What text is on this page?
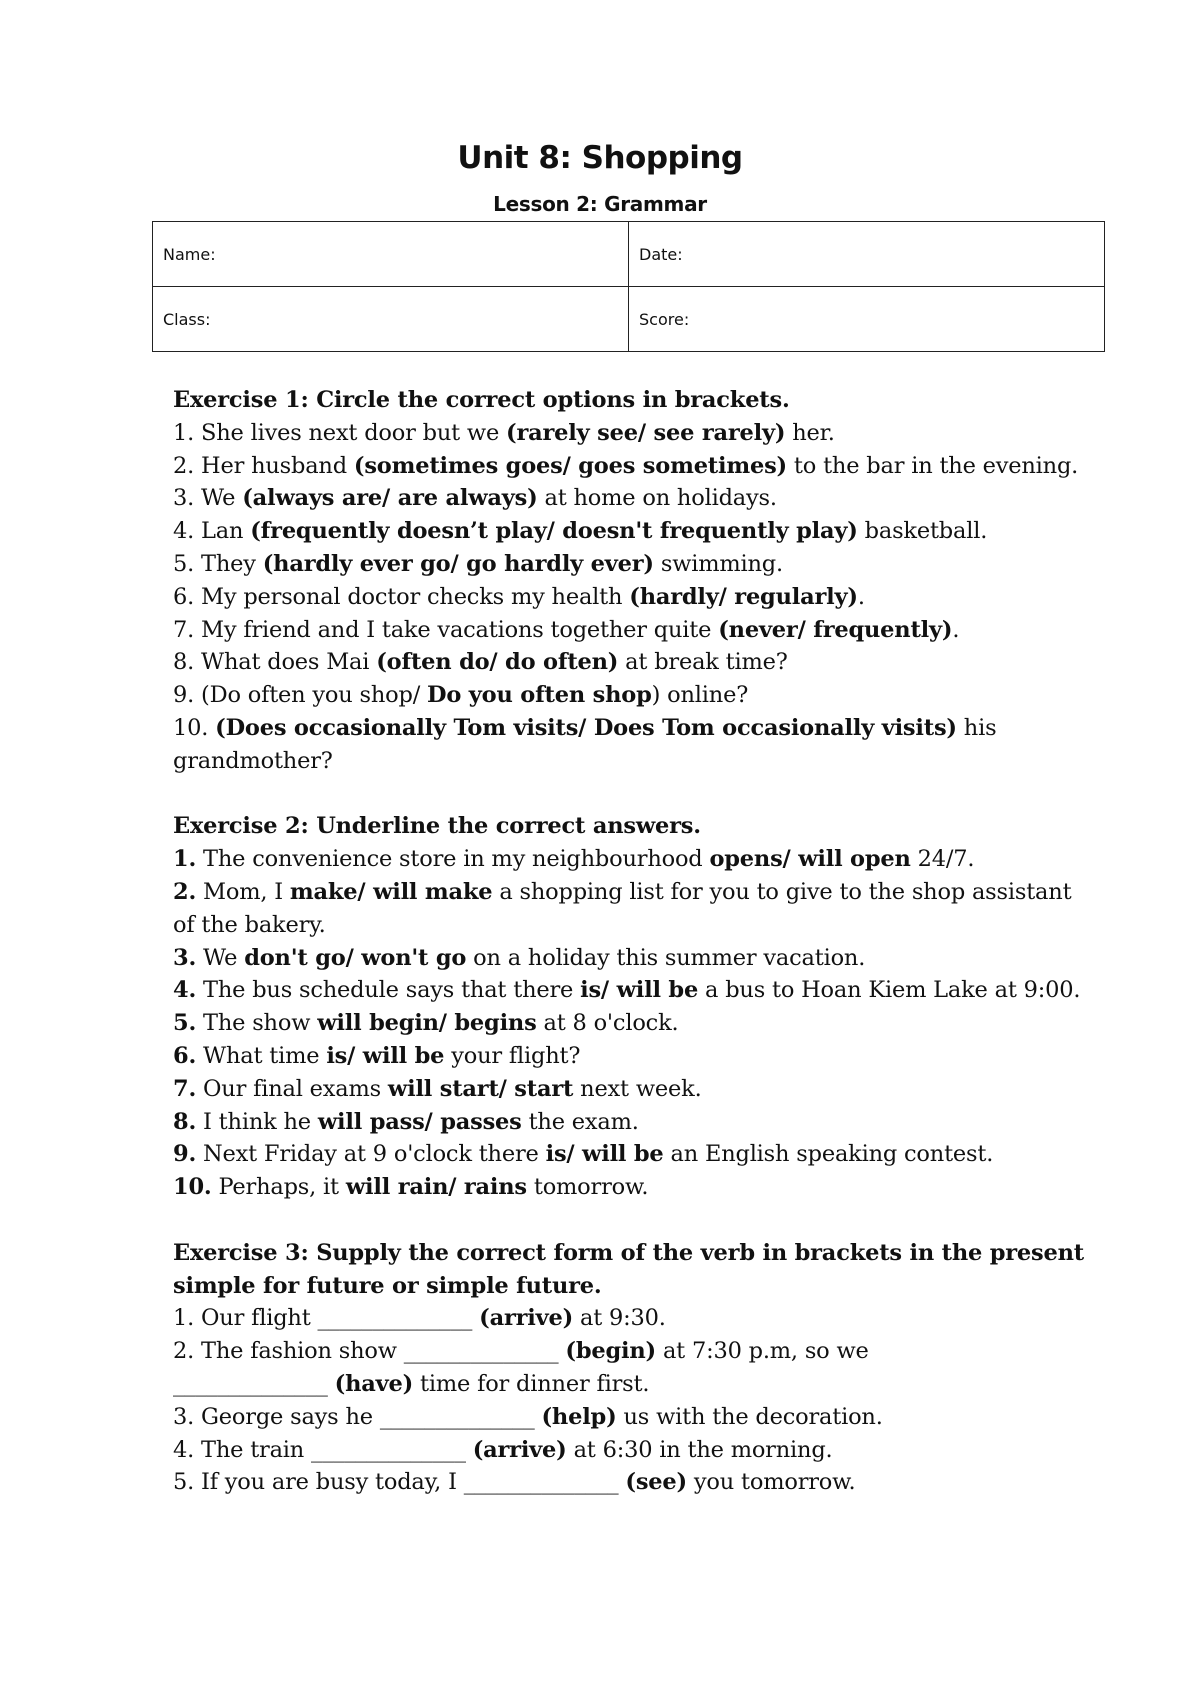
Unit 8: Shopping
Lesson 2: Grammar
Name:	Date:
Class:	Score:

Exercise 1: Circle the correct options in brackets.

1. She lives next door but we (rarely see/ see rarely) her.

2. Her husband (sometimes goes/ goes sometimes) to the bar in the evening.

3. We (always are/ are always) at home on holidays.

4. Lan (frequently doesn’t play/ doesn't frequently play) basketball.

5. They (hardly ever go/ go hardly ever) swimming.

6. My personal doctor checks my health (hardly/ regularly).

7. My friend and I take vacations together quite (never/ frequently).

8. What does Mai (often do/ do often) at break time?

9. (Do often you shop/ Do you often shop) online?

10. (Does occasionally Tom visits/ Does Tom occasionally visits) his grandmother?

Exercise 2: Underline the correct answers.

1. The convenience store in my neighbourhood opens/ will open 24/7.

2. Mom, I make/ will make a shopping list for you to give to the shop assistant of the bakery.

3. We don't go/ won't go on a holiday this summer vacation.

4. The bus schedule says that there is/ will be a bus to Hoan Kiem Lake at 9:00.

5. The show will begin/ begins at 8 o'clock.

6. What time is/ will be your flight?

7. Our final exams will start/ start next week.

8. I think he will pass/ passes the exam.

9. Next Friday at 9 o'clock there is/ will be an English speaking contest.

10. Perhaps, it will rain/ rains tomorrow.

Exercise 3: Supply the correct form of the verb in brackets in the present simple for future or simple future.

1. Our flight ______________ (arrive) at 9:30.

2. The fashion show ______________ (begin) at 7:30 p.m, so we
______________ (have) time for dinner first.

3. George says he ______________ (help) us with the decoration.

4. The train ______________ (arrive) at 6:30 in the morning.

5. If you are busy today, I ______________ (see) you tomorrow.
